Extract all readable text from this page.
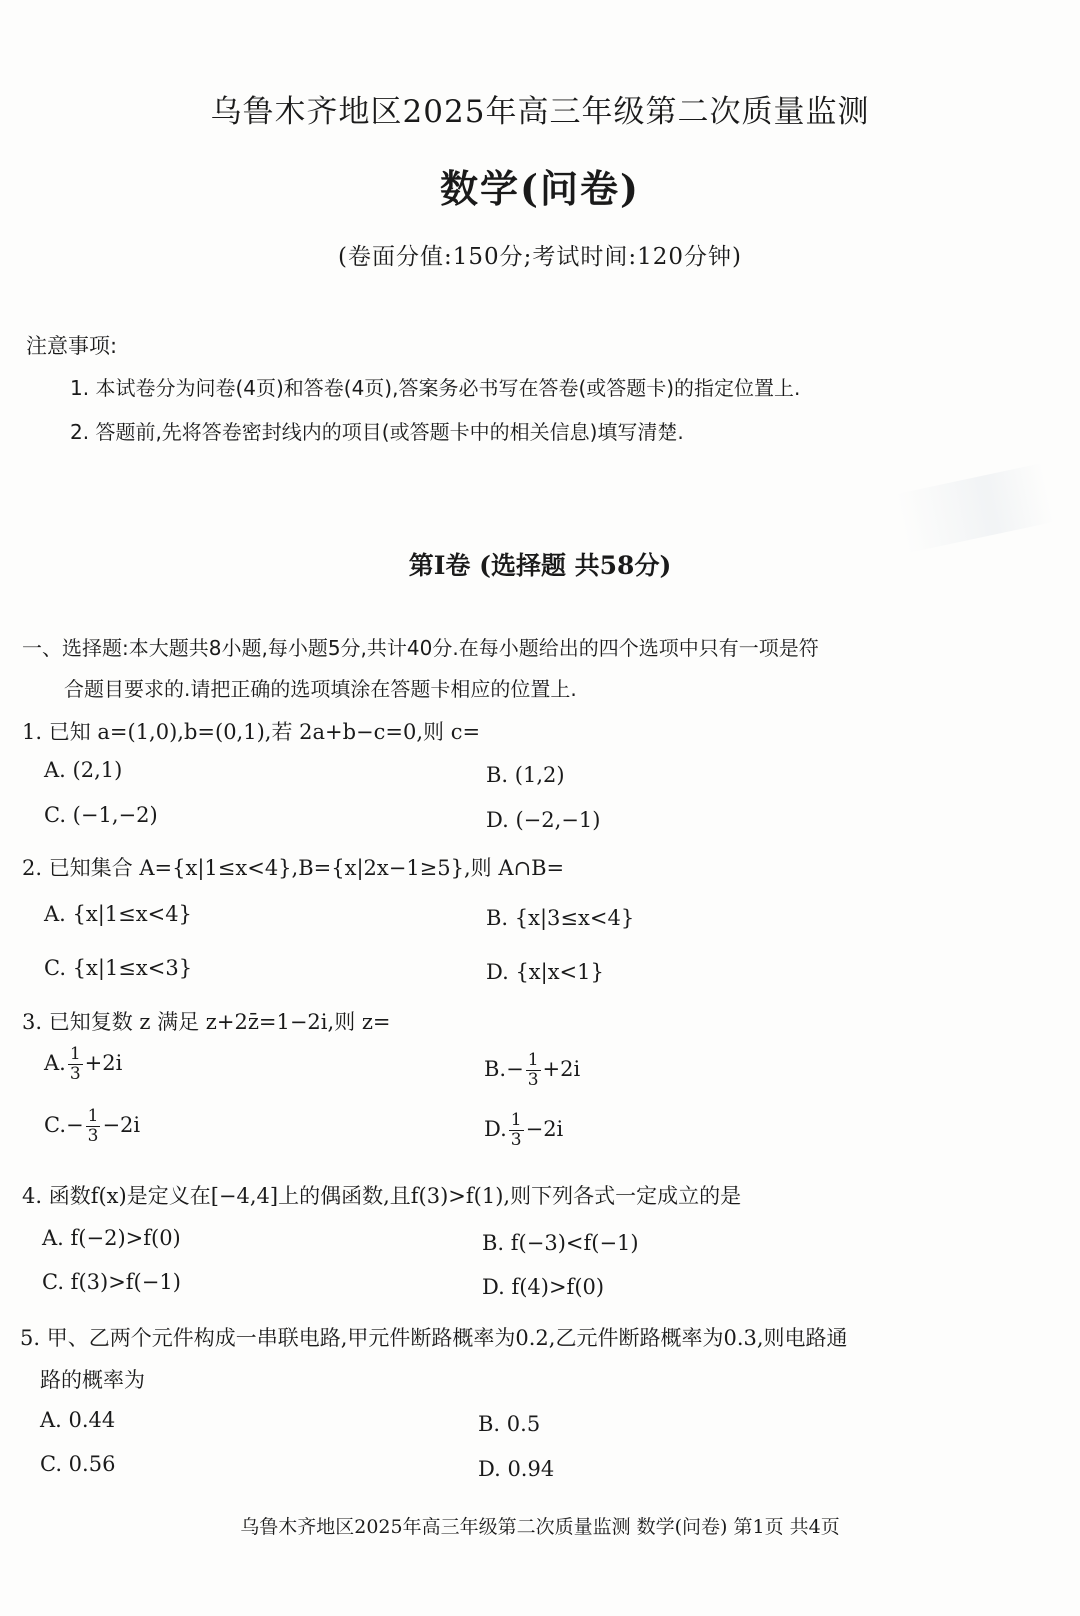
乌鲁木齐地区2025年高三年级第二次质量监测
数学(问卷)
(卷面分值:150分;考试时间:120分钟)
注意事项:
1. 本试卷分为问卷(4页)和答卷(4页),答案务必书写在答卷(或答题卡)的指定位置上.
2. 答题前,先将答卷密封线内的项目(或答题卡中的相关信息)填写清楚.
第Ⅰ卷 (选择题 共58分)
一、选择题:本大题共8小题,每小题5分,共计40分.在每小题给出的四个选项中只有一项是符
合题目要求的.请把正确的选项填涂在答题卡相应的位置上.
1. 已知 a=(1,0),b=(0,1),若 2a+b−c=0,则 c=
A. (2,1)	B. (1,2)
C. (−1,−2)	D. (−2,−1)
2. 已知集合 A={x|1≤x<4},B={x|2x−1≥5},则 A∩B=
A. {x|1≤x<4}	B. {x|3≤x<4}
C. {x|1≤x<3}	D. {x|x<1}
3. 已知复数 z 满足 z+2z̄=1−2i,则 z=
A. $\frac{1}{3} +2i$	$B.- \frac{1}{3} +2i$
$C.- \frac{1}{3} -2i$	D. $\frac{1}{3} -2i$
4. 函数f(x)是定义在[−4,4]上的偶函数,且f(3)>f(1),则下列各式一定成立的是
A. f(−2)>f(0)	B. f(−3)<f(−1)
C. f(3)>f(−1)	D. f(4)>f(0)
5. 甲、乙两个元件构成一串联电路,甲元件断路概率为0.2,乙元件断路概率为0.3,则电路通
路的概率为
A. 0.44	B. 0.5
C. 0.56	D. 0.94
乌鲁木齐地区2025年高三年级第二次质量监测 数学(问卷) 第1页 共4页
